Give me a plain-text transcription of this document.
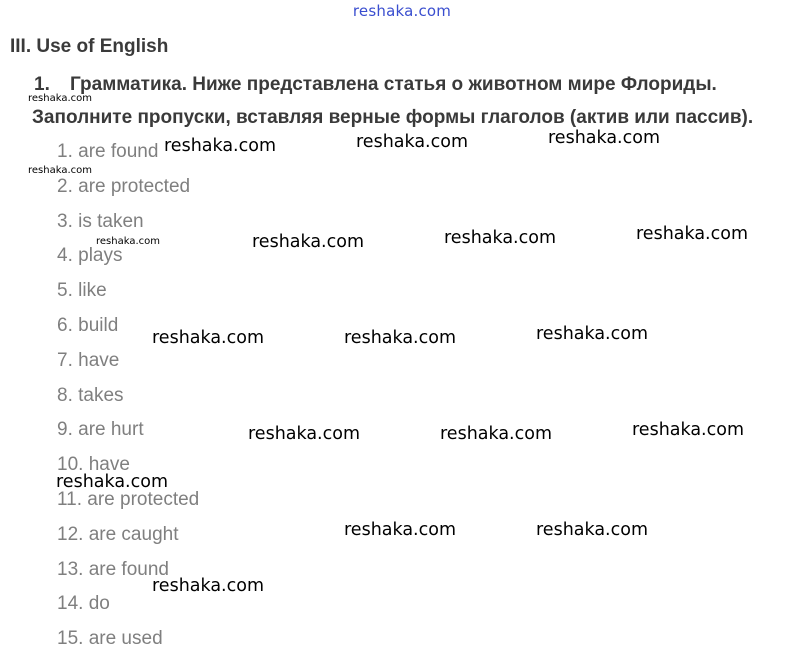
reshaka.com
III. Use of English
1. Грамматика. Ниже представлена статья о животном мире Флориды.
Заполните пропуски, вставляя верные формы глаголов (актив или пассив).
1. are found
2. are protected
3. is taken
4. plays
5. like
6. build
7. have
8. takes
9. are hurt
10. have
11. are protected
12. are caught
13. are found
14. do
15. are used
reshaka.com
reshaka.com
reshaka.com
reshaka.com	reshaka.com	reshaka.com
reshaka.com	reshaka.com	reshaka.com
reshaka.com	reshaka.com	reshaka.com
reshaka.com	reshaka.com	reshaka.com
reshaka.com
reshaka.com	reshaka.com
reshaka.com
